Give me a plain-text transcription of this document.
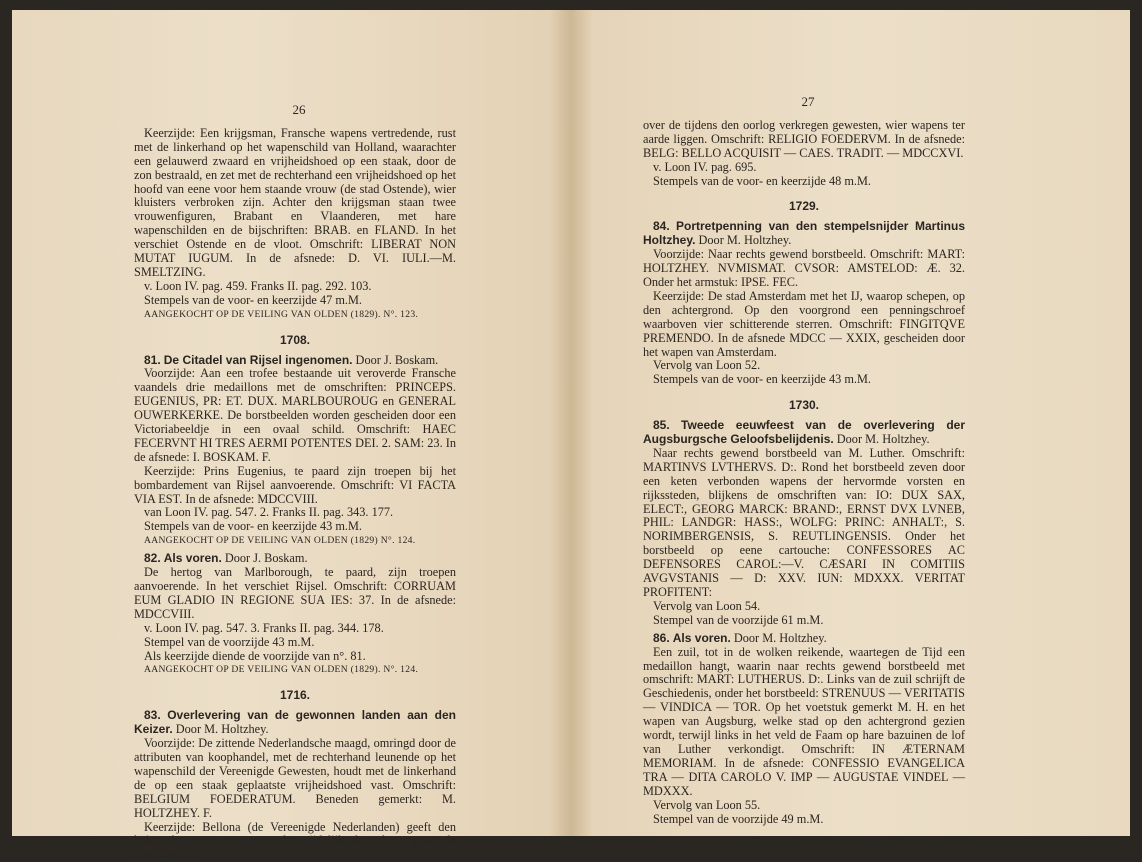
26

Keerzijde: Een krijgsman, Fransche wapens vertredende, rust met de linkerhand op het wapenschild van Holland, waarachter een gelauwerd zwaard en vrijheidshoed op een staak, door de zon bestraald, en zet met de rechterhand een vrijheidshoed op het hoofd van eene voor hem staande vrouw (de stad Ostende), wier kluisters verbroken zijn. Achter den krijgsman staan twee vrouwenfiguren, Brabant en Vlaanderen, met hare wapenschilden en de bijschriften: BRAB. en FLAND. In het verschiet Ostende en de vloot. Omschrift: LIBERAT NON MUTAT IUGUM. In de afsnede: D. VI. IULI.—M. SMELTZING.

v. Loon IV. pag. 459. Franks II. pag. 292. 103.

Stempels van de voor- en keerzijde 47 m.M.

AANGEKOCHT OP DE VEILING VAN OLDEN (1829). N°. 123.

1708.
81. De Citadel van Rijsel ingenomen. Door J. Boskam.

Voorzijde: Aan een trofee bestaande uit veroverde Fransche vaandels drie medaillons met de omschriften: PRINCEPS. EUGENIUS, PR: ET. DUX. MARLBOUROUG en GENERAL OUWERKERKE. De borstbeelden worden gescheiden door een Victoriabeeldje in een ovaal schild. Omschrift: HAEC FECERVNT HI TRES AERMI POTENTES DEI. 2. SAM: 23. In de afsnede: I. BOSKAM. F.

Keerzijde: Prins Eugenius, te paard zijn troepen bij het bombardement van Rijsel aanvoerende. Omschrift: VI FACTA VIA EST. In de afsnede: MDCCVIII.

van Loon IV. pag. 547. 2. Franks II. pag. 343. 177.

Stempels van de voor- en keerzijde 43 m.M.

AANGEKOCHT OP DE VEILING VAN OLDEN (1829) N°. 124.

82. Als voren. Door J. Boskam.

De hertog van Marlborough, te paard, zijn troepen aanvoerende. In het verschiet Rijsel. Omschrift: CORRUAM EUM GLADIO IN REGIONE SUA IES: 37. In de afsnede: MDCCVIII.

v. Loon IV. pag. 547. 3. Franks II. pag. 344. 178.

Stempel van de voorzijde 43 m.M.

Als keerzijde diende de voorzijde van n°. 81.

AANGEKOCHT OP DE VEILING VAN OLDEN (1829). N°. 124.

1716.
83. Overlevering van de gewonnen landen aan den Keizer. Door M. Holtzhey.

Voorzijde: De zittende Nederlandsche maagd, omringd door de attributen van koophandel, met de rechterhand leunende op het wapenschild der Vereenigde Gewesten, houdt met de linkerhand de op een staak geplaatste vrijheidshoed vast. Omschrift: BELGIUM FOEDERATUM. Beneden gemerkt: M. HOLTZHEY. F.

Keerzijde: Bellona (de Vereenigde Nederlanden) geeft den keizer het roer terug, van het tijdelijk door haar gevoerde staatsbestuur

27

over de tijdens den oorlog verkregen gewesten, wier wapens ter aarde liggen. Omschrift: RELIGIO FOEDERVM. In de afsnede: BELG: BELLO ACQUISIT — CAES. TRADIT. — MDCCXVI.

v. Loon IV. pag. 695.

Stempels van de voor- en keerzijde 48 m.M.

1729.
84. Portretpenning van den stempelsnijder Martinus Holtzhey. Door M. Holtzhey.

Voorzijde: Naar rechts gewend borstbeeld. Omschrift: MART: HOLTZHEY. NVMISMAT. CVSOR: AMSTELOD: Æ. 32. Onder het armstuk: IPSE. FEC.

Keerzijde: De stad Amsterdam met het IJ, waarop schepen, op den achtergrond. Op den voorgrond een penningschroef waarboven vier schitterende sterren. Omschrift: FINGITQVE PREMENDO. In de afsnede MDCC — XXIX, gescheiden door het wapen van Amsterdam.

Vervolg van Loon 52.

Stempels van de voor- en keerzijde 43 m.M.

1730.
85. Tweede eeuwfeest van de overlevering der Augsburgsche Geloofsbelijdenis. Door M. Holtzhey.

Naar rechts gewend borstbeeld van M. Luther. Omschrift: MARTINVS LVTHERVS. D:. Rond het borstbeeld zeven door een keten verbonden wapens der hervormde vorsten en rijkssteden, blijkens de omschriften van: IO: DUX SAX, ELECT:, GEORG MARCK: BRAND:, ERNST DVX LVNEB, PHIL: LANDGR: HASS:, WOLFG: PRINC: ANHALT:, S. NORIMBERGENSIS, S. REUTLINGENSIS. Onder het borstbeeld op eene cartouche: CONFESSORES AC DEFENSORES CAROL:—V. CÆSARI IN COMITIIS AVGVSTANIS — D: XXV. IUN: MDXXX. VERITAT PROFITENT:

Vervolg van Loon 54.

Stempel van de voorzijde 61 m.M.

86. Als voren. Door M. Holtzhey.

Een zuil, tot in de wolken reikende, waartegen de Tijd een medaillon hangt, waarin naar rechts gewend borstbeeld met omschrift: MART: LUTHERUS. D:. Links van de zuil schrijft de Geschiedenis, onder het borstbeeld: STRENUUS — VERITATIS — VINDICA — TOR. Op het voetstuk gemerkt M. H. en het wapen van Augsburg, welke stad op den achtergrond gezien wordt, terwijl links in het veld de Faam op hare bazuinen de lof van Luther verkondigt. Omschrift: IN ÆTERNAM MEMORIAM. In de afsnede: CONFESSIO EVANGELICA TRA — DITA CAROLO V. IMP — AUGUSTAE VINDEL — MDXXX.

Vervolg van Loon 55.

Stempel van de voorzijde 49 m.M.
